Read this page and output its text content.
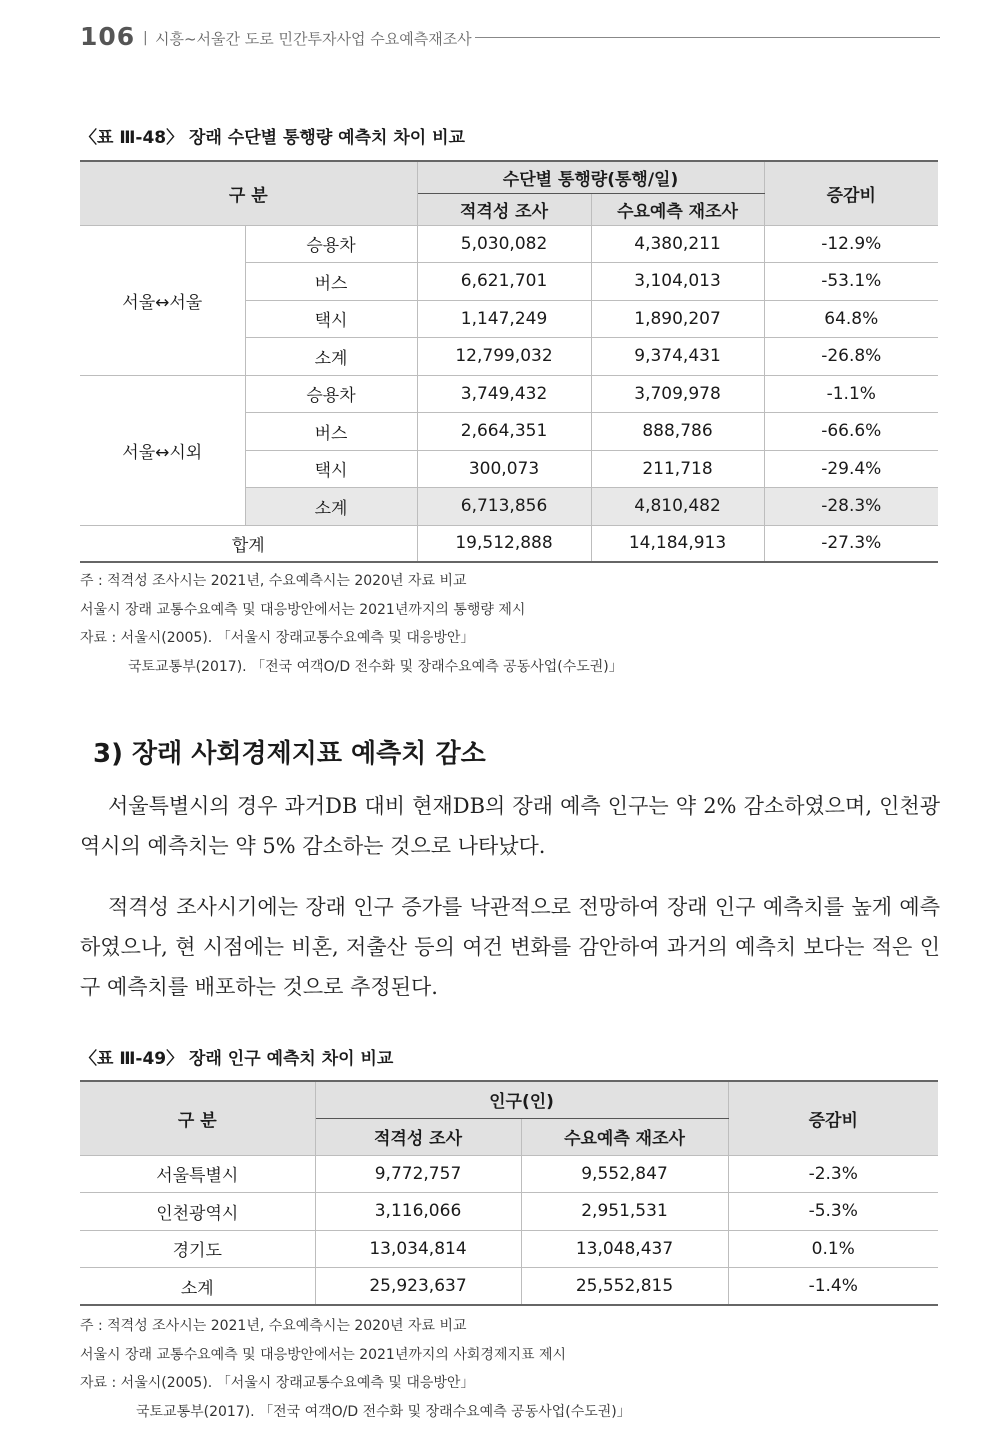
106 | 시흥~서울간 도로 민간투자사업 수요예측재조사
〈표 Ⅲ-48〉 장래 수단별 통행량 예측치 차이 비교
구 분		수단별 통행량(통행/일)		증감비
		적격성 조사	수요예측 재조사	
서울↔서울	승용차	5,030,082	4,380,211	-12.9%
	버스	6,621,701	3,104,013	-53.1%
	택시	1,147,249	1,890,207	64.8%
	소계	12,799,032	9,374,431	-26.8%
서울↔시외	승용차	3,749,432	3,709,978	-1.1%
	버스	2,664,351	888,786	-66.6%
	택시	300,073	211,718	-29.4%
	소계	6,713,856	4,810,482	-28.3%
합계		19,512,888	14,184,913	-27.3%
주 : 적격성 조사시는 2021년, 수요예측시는 2020년 자료 비교
서울시 장래 교통수요예측 및 대응방안에서는 2021년까지의 통행량 제시
자료 : 서울시(2005). 「서울시 장래교통수요예측 및 대응방안」
국토교통부(2017). 「전국 여객O/D 전수화 및 장래수요예측 공동사업(수도권)」
3) 장래 사회경제지표 예측치 감소
서울특별시의 경우 과거DB 대비 현재DB의 장래 예측 인구는 약 2% 감소하였으며, 인천광역시의 예측치는 약 5% 감소하는 것으로 나타났다.
적격성 조사시기에는 장래 인구 증가를 낙관적으로 전망하여 장래 인구 예측치를 높게 예측하였으나, 현 시점에는 비혼, 저출산 등의 여건 변화를 감안하여 과거의 예측치 보다는 적은 인구 예측치를 배포하는 것으로 추정된다.
〈표 Ⅲ-49〉 장래 인구 예측치 차이 비교
구 분	인구(인)		증감비
	적격성 조사	수요예측 재조사	
서울특별시	9,772,757	9,552,847	-2.3%
인천광역시	3,116,066	2,951,531	-5.3%
경기도	13,034,814	13,048,437	0.1%
소계	25,923,637	25,552,815	-1.4%
주 : 적격성 조사시는 2021년, 수요예측시는 2020년 자료 비교
서울시 장래 교통수요예측 및 대응방안에서는 2021년까지의 사회경제지표 제시
자료 : 서울시(2005). 「서울시 장래교통수요예측 및 대응방안」
국토교통부(2017). 「전국 여객O/D 전수화 및 장래수요예측 공동사업(수도권)」
